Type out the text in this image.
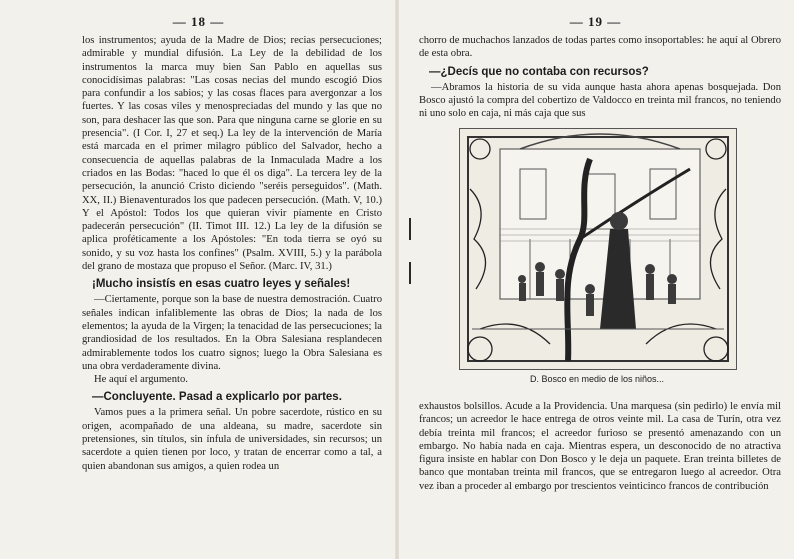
— 18 —

los instrumentos; ayuda de la Madre de Dios; recias persecuciones; admirable y mundial difusión. La Ley de la debilidad de los instrumentos la marca muy bien San Pablo en aquellas sus conocidísimas palabras: "Las cosas necias del mundo escogió Dios para confundir a los sabios; y las cosas flaces para avergonzar a los fuertes. Y las cosas viles y menospreciadas del mundo y las que no son, para deshacer las que son. Para que ninguna carne se glorie en su presencia". (I Cor. I, 27 et seq.) La ley de la intervención de María está marcada en el primer milagro público del Salvador, hecho a consecuencia de aquellas palabras de la Inmaculada Madre a los criados en las Bodas: "haced lo que él os diga". La tercera ley de la persecución, la anunció Cristo diciendo "seréis perseguidos". (Math. XX, II.) Bienaventurados los que padecen persecución. (Math. V, 10.) Y el Apóstol: Todos los que quieran vivir píamente en Cristo padecerán persecución" (II. Timot III. 12.) La ley de la difusión se aplica proféticamente a los Apóstoles: "En toda tierra se oyó su sonido, y su voz hasta los confines" (Psalm. XVIII, 5.) y la parábola del grano de mostaza que propuso el Señor. (Marc. IV, 31.)

¡Mucho insistís en esas cuatro leyes y señales!

—Ciertamente, porque son la base de nuestra demostración. Cuatro señales indican infaliblemente las obras de Dios; la nada de los elementos; la ayuda de la Virgen; la tenacidad de las persecuciones; la grandiosidad de los resultados. En la Obra Salesiana resplandecen admirablemente todos los cuatro signos; luego la Obra Salesiana es una obra verdaderamente divina.

He aquí el argumento.

—Concluyente. Pasad a explicarlo por partes.

Vamos pues a la primera señal. Un pobre sacerdote, rústico en su origen, acompañado de una aldeana, su madre, sacerdote sin pretensiones, sin títulos, sin ínfula de universidades, sin recursos; un sacerdote a quien tienen por loco, y tratan de encerrar como a tal, a quien abandonan sus amigos, a quien rodea un

— 19 —

chorro de muchachos lanzados de todas partes como insoportables: he aquí al Obrero de esta obra.

—¿Decís que no contaba con recursos?

—Abramos la historia de su vida aunque hasta ahora apenas bosquejada. Don Bosco ajustó la compra del cobertizo de Valdocco en treinta mil francos, no teniendo ni uno solo en caja, ni más caja que sus

D. Bosco en medio de los niños...

exhaustos bolsillos. Acude a la Providencia. Una marquesa (sin pedirlo) le envía mil francos; un acreedor le hace entrega de otros veinte mil. La casa de Turín, otra vez debía treinta mil francos; el acreedor furioso se presentó amenazando con un embargo. No había nada en caja. Mientras espera, un desconocido de no atractiva figura insiste en hablar con Don Bosco y le deja un paquete. Eran treinta billetes de banco que montaban treinta mil francos, que se entregaron luego al acreedor. Otra vez iban a proceder al embargo por trescientos veinticinco francos de contribución
